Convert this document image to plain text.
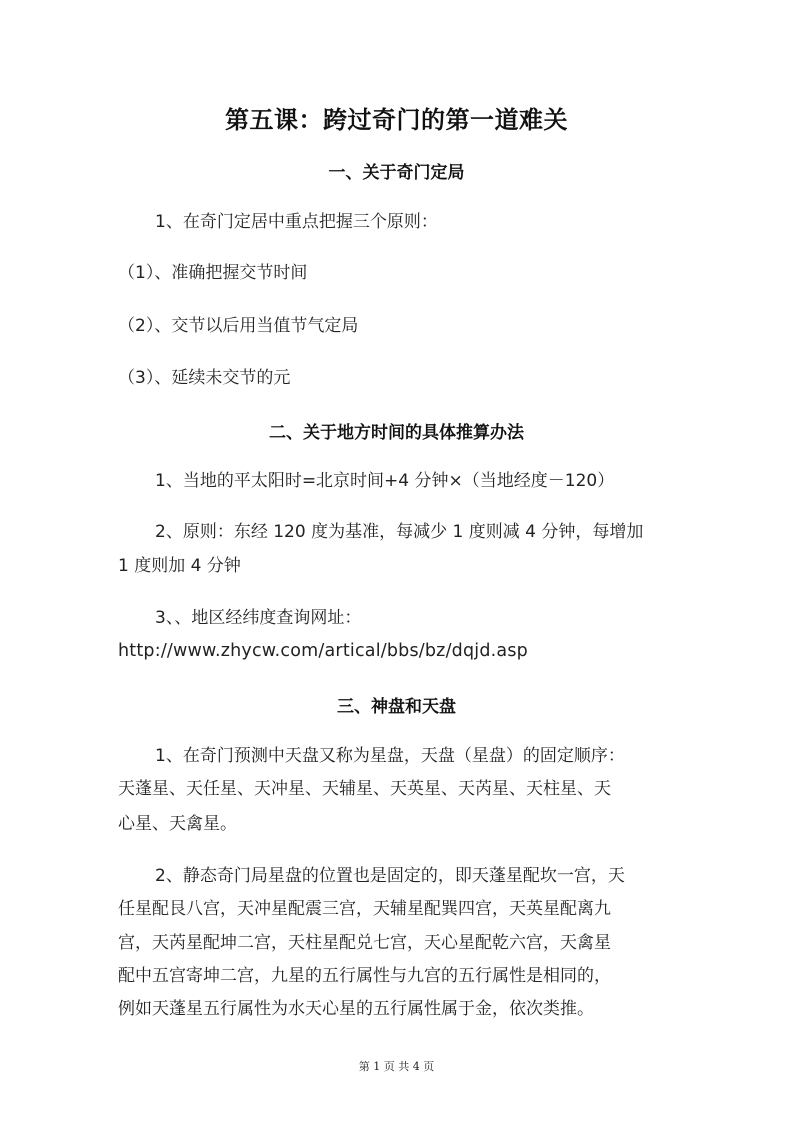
第五课：跨过奇门的第一道难关
一、关于奇门定局
1、在奇门定居中重点把握三个原则：
（1）、准确把握交节时间
（2）、交节以后用当值节气定局
（3）、延续未交节的元
二、关于地方时间的具体推算办法
1、当地的平太阳时=北京时间+4 分钟×（当地经度－120）
2、原则：东经 120 度为基准，每减少 1 度则减 4 分钟，每增加
1 度则加 4 分钟
3、、地区经纬度查询网址：
http://www.zhycw.com/artical/bbs/bz/dqjd.asp
三、神盘和天盘
1、在奇门预测中天盘又称为星盘，天盘（星盘）的固定顺序：
天蓬星、天任星、天冲星、天辅星、天英星、天芮星、天柱星、天
心星、天禽星。
2、静态奇门局星盘的位置也是固定的，即天蓬星配坎一宫，天
任星配艮八宫，天冲星配震三宫，天辅星配巽四宫，天英星配离九
宫，天芮星配坤二宫，天柱星配兑七宫，天心星配乾六宫，天禽星
配中五宫寄坤二宫，九星的五行属性与九宫的五行属性是相同的，
例如天蓬星五行属性为水天心星的五行属性属于金，依次类推。
第 1 页 共 4 页
